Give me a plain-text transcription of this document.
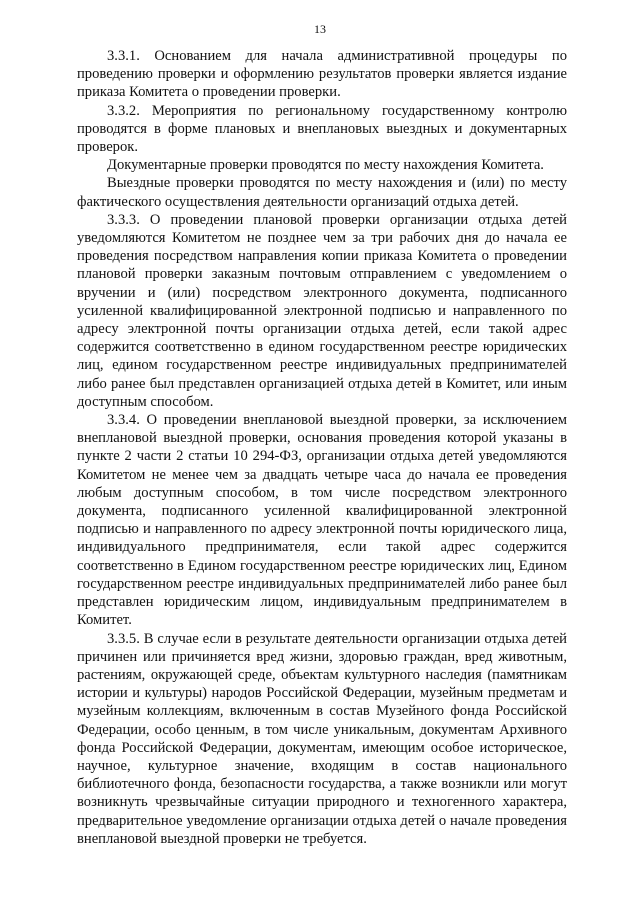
13

3.3.1. Основанием для начала административной процедуры по проведению проверки и оформлению результатов проверки является издание приказа Комитета о проведении проверки.

3.3.2. Мероприятия по региональному государственному контролю проводятся в форме плановых и внеплановых выездных и документарных проверок.

Документарные проверки проводятся по месту нахождения Комитета.

Выездные проверки проводятся по месту нахождения и (или) по месту фактического осуществления деятельности организаций отдыха детей.

3.3.3. О проведении плановой проверки организации отдыха детей уведомляются Комитетом не позднее чем за три рабочих дня до начала ее проведения посредством направления копии приказа Комитета о проведении плановой проверки заказным почтовым отправлением с уведомлением о вручении и (или) посредством электронного документа, подписанного усиленной квалифицированной электронной подписью и направленного по адресу электронной почты организации отдыха детей, если такой адрес содержится соответственно в едином государственном реестре юридических лиц, едином государственном реестре индивидуальных предпринимателей либо ранее был представлен организацией отдыха детей в Комитет, или иным доступным способом.

3.3.4. О проведении внеплановой выездной проверки, за исключением внеплановой выездной проверки, основания проведения которой указаны в пункте 2 части 2 статьи 10 294-ФЗ, организации отдыха детей уведомляются Комитетом не менее чем за двадцать четыре часа до начала ее проведения любым доступным способом, в том числе посредством электронного документа, подписанного усиленной квалифицированной электронной подписью и направленного по адресу электронной почты юридического лица, индивидуального предпринимателя, если такой адрес содержится соответственно в Едином государственном реестре юридических лиц, Едином государственном реестре индивидуальных предпринимателей либо ранее был представлен юридическим лицом, индивидуальным предпринимателем в Комитет.

3.3.5. В случае если в результате деятельности организации отдыха детей причинен или причиняется вред жизни, здоровью граждан, вред животным, растениям, окружающей среде, объектам культурного наследия (памятникам истории и культуры) народов Российской Федерации, музейным предметам и музейным коллекциям, включенным в состав Музейного фонда Российской Федерации, особо ценным, в том числе уникальным, документам Архивного фонда Российской Федерации, документам, имеющим особое историческое, научное, культурное значение, входящим в состав национального библиотечного фонда, безопасности государства, а также возникли или могут возникнуть чрезвычайные ситуации природного и техногенного характера, предварительное уведомление организации отдыха детей о начале проведения внеплановой выездной проверки не требуется.
